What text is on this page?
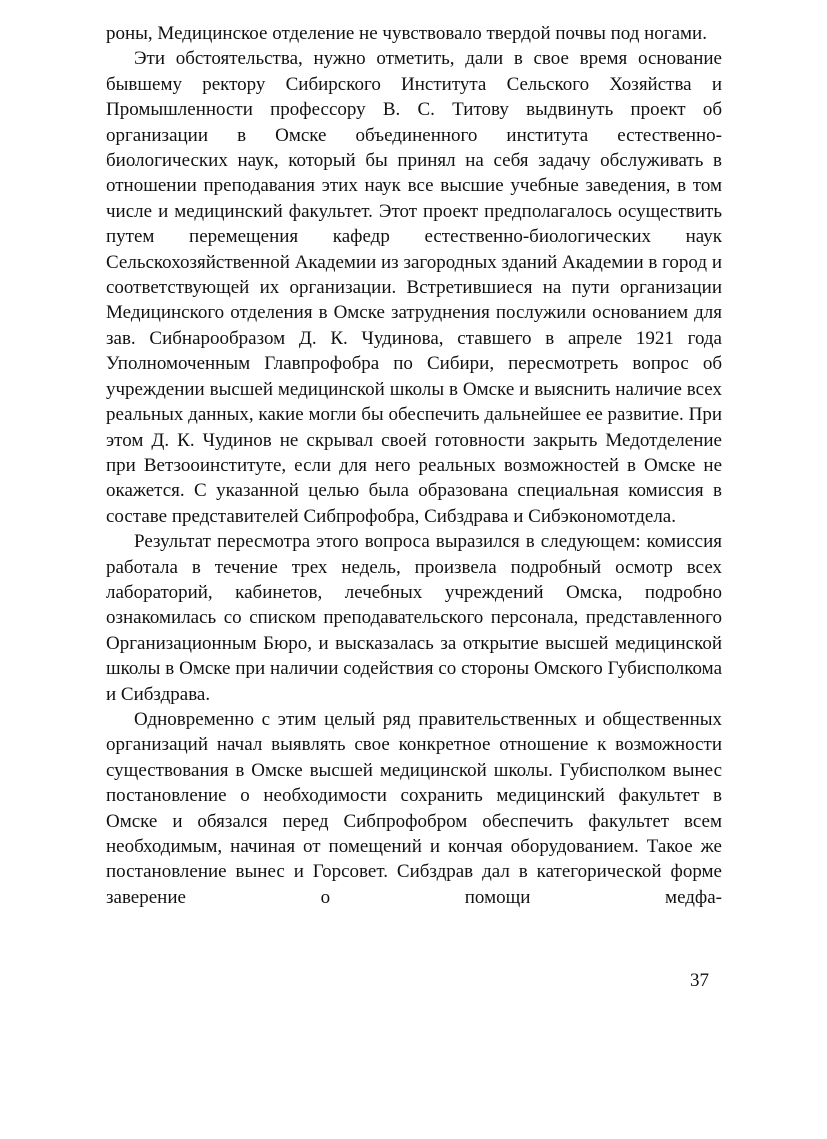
роны, Медицинское отделение не чувствовало твердой почвы под ногами.

Эти обстоятельства, нужно отметить, дали в свое время основание бывшему ректору Сибирского Института Сельского Хозяйства и Промышленности профессору В. С. Титову выдвинуть проект об организации в Омске объединенного института естественно-биологических наук, который бы принял на себя задачу обслуживать в отношении преподавания этих наук все высшие учебные заведения, в том числе и медицинский факультет. Этот проект предполагалось осуществить путем перемещения кафедр естественно-биологических наук Сельскохозяйственной Академии из загородных зданий Академии в город и соответствующей их организации. Встретившиеся на пути организации Медицинского отделения в Омске затруднения послужили основанием для зав. Сибнарообразом Д. К. Чудинова, ставшего в апреле 1921 года Уполномоченным Главпрофобра по Сибири, пересмотреть вопрос об учреждении высшей медицинской школы в Омске и выяснить наличие всех реальных данных, какие могли бы обеспечить дальнейшее ее развитие. При этом Д. К. Чудинов не скрывал своей готовности закрыть Медотделение при Ветзооинституте, если для него реальных возможностей в Омске не окажется. С указанной целью была образована специальная комиссия в составе представителей Сибпрофобра, Сибздрава и Сибэкономотдела.

Результат пересмотра этого вопроса выразился в следующем: комиссия работала в течение трех недель, произвела подробный осмотр всех лабораторий, кабинетов, лечебных учреждений Омска, подробно ознакомилась со списком преподавательского персонала, представленного Организационным Бюро, и высказалась за открытие высшей медицинской школы в Омске при наличии содействия со стороны Омского Губисполкома и Сибздрава.

Одновременно с этим целый ряд правительственных и общественных организаций начал выявлять свое конкретное отношение к возможности существования в Омске высшей медицинской школы. Губисполком вынес постановление о необходимости сохранить медицинский факультет в Омске и обязался перед Сибпрофобром обеспечить факультет всем необходимым, начиная от помещений и кончая оборудованием. Такое же постановление вынес и Горсовет. Сибздрав дал в категорической форме заверение о помощи медфа-

37
